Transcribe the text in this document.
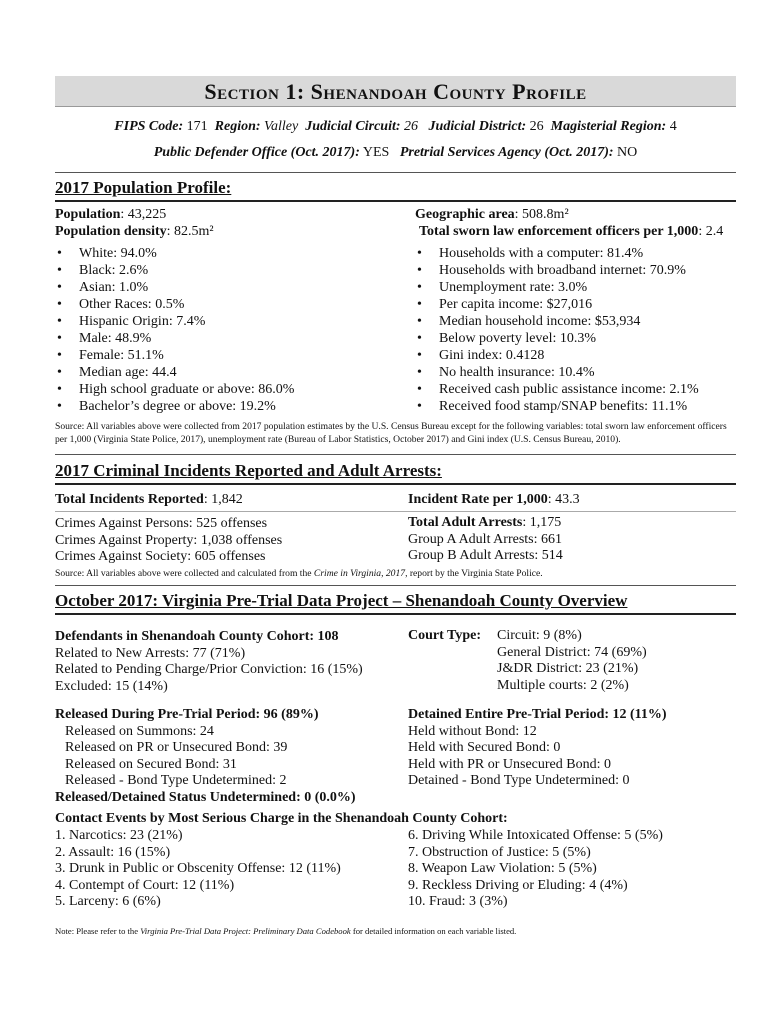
Section 1: Shenandoah County Profile
FIPS Code: 171 Region: Valley Judicial Circuit: 26 Judicial District: 26 Magisterial Region: 4
Public Defender Office (Oct. 2017): YES Pretrial Services Agency (Oct. 2017): NO
2017 Population Profile:
Population: 43,225
Population density: 82.5m²
Geographic area: 508.8m²
Total sworn law enforcement officers per 1,000: 2.4
• White: 94.0%
• Black: 2.6%
• Asian: 1.0%
• Other Races: 0.5%
• Hispanic Origin: 7.4%
• Male: 48.9%
• Female: 51.1%
• Median age: 44.4
• High school graduate or above: 86.0%
• Bachelor’s degree or above: 19.2%
• Households with a computer: 81.4%
• Households with broadband internet: 70.9%
• Unemployment rate: 3.0%
• Per capita income: $27,016
• Median household income: $53,934
• Below poverty level: 10.3%
• Gini index: 0.4128
• No health insurance: 10.4%
• Received cash public assistance income: 2.1%
• Received food stamp/SNAP benefits: 11.1%
Source: All variables above were collected from 2017 population estimates by the U.S. Census Bureau except for the following variables: total sworn law enforcement officers per 1,000 (Virginia State Police, 2017), unemployment rate (Bureau of Labor Statistics, October 2017) and Gini index (U.S. Census Bureau, 2010).
2017 Criminal Incidents Reported and Adult Arrests:
Total Incidents Reported: 1,842	Incident Rate per 1,000: 43.3
Crimes Against Persons: 525 offenses
Crimes Against Property: 1,038 offenses
Crimes Against Society: 605 offenses
Total Adult Arrests: 1,175
Group A Adult Arrests: 661
Group B Adult Arrests: 514
Source: All variables above were collected and calculated from the Crime in Virginia, 2017, report by the Virginia State Police.
October 2017: Virginia Pre-Trial Data Project – Shenandoah County Overview
Defendants in Shenandoah County Cohort: 108
Related to New Arrests: 77 (71%)
Related to Pending Charge/Prior Conviction: 16 (15%)
Excluded: 15 (14%)
Court Type: Circuit: 9 (8%)
General District: 74 (69%)
J&DR District: 23 (21%)
Multiple courts: 2 (2%)
Released During Pre-Trial Period: 96 (89%)
Released on Summons: 24
Released on PR or Unsecured Bond: 39
Released on Secured Bond: 31
Released - Bond Type Undetermined: 2
Released/Detained Status Undetermined: 0 (0.0%)
Detained Entire Pre-Trial Period: 12 (11%)
Held without Bond: 12
Held with Secured Bond: 0
Held with PR or Unsecured Bond: 0
Detained - Bond Type Undetermined: 0
Contact Events by Most Serious Charge in the Shenandoah County Cohort:
1. Narcotics: 23 (21%)
2. Assault: 16 (15%)
3. Drunk in Public or Obscenity Offense: 12 (11%)
4. Contempt of Court: 12 (11%)
5. Larceny: 6 (6%)
6. Driving While Intoxicated Offense: 5 (5%)
7. Obstruction of Justice: 5 (5%)
8. Weapon Law Violation: 5 (5%)
9. Reckless Driving or Eluding: 4 (4%)
10. Fraud: 3 (3%)
Note: Please refer to the Virginia Pre-Trial Data Project: Preliminary Data Codebook for detailed information on each variable listed.
